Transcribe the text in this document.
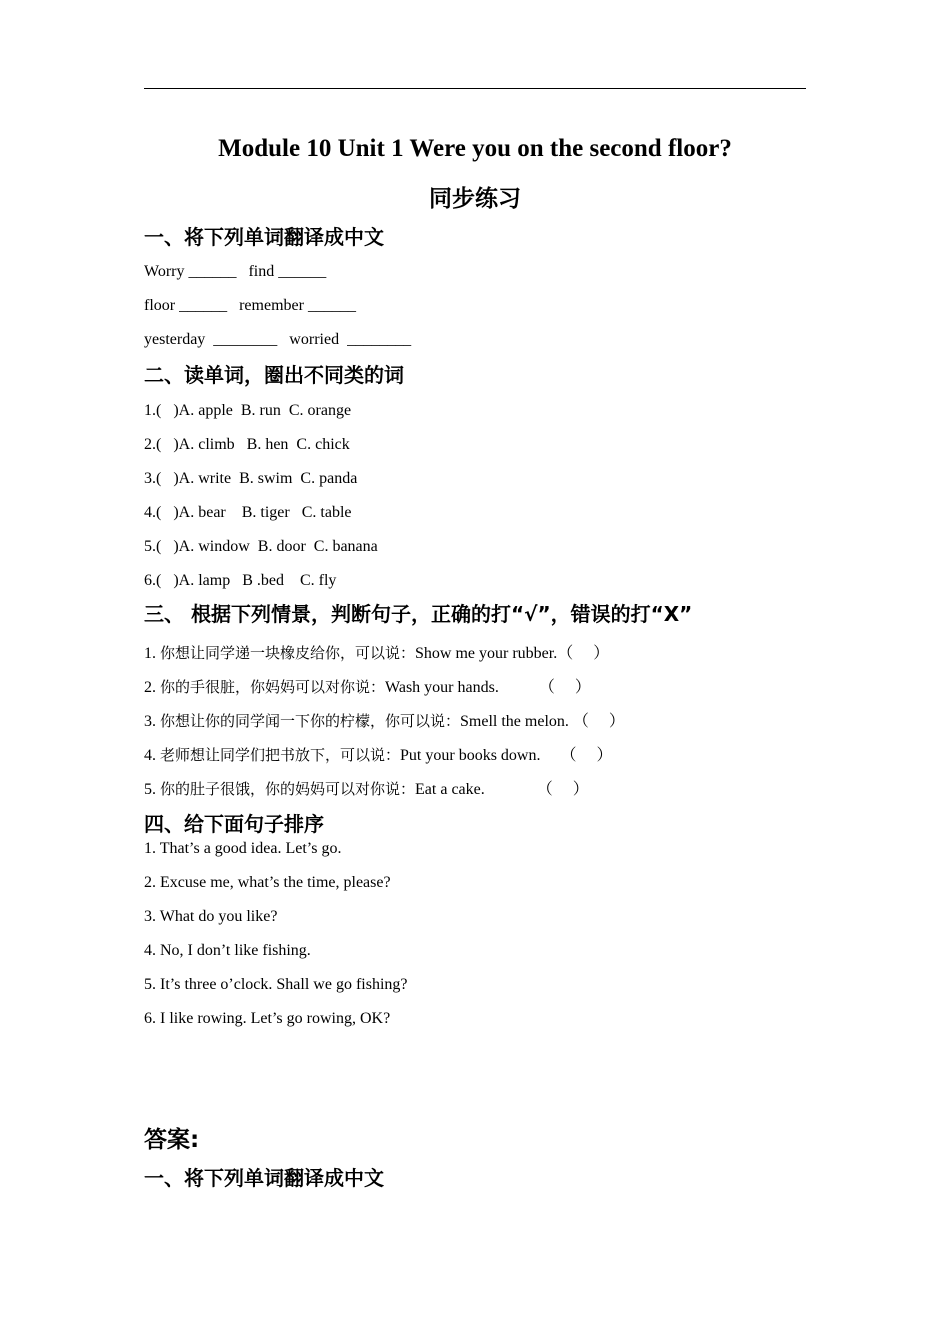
Module 10 Unit 1 Were you on the second floor?
同步练习
一、将下列单词翻译成中文
Worry ______   find ______
floor ______   remember ______
yesterday  ________   worried  ________
二、读单词，圈出不同类的词
1.(   )A. apple  B. run  C. orange
2.(   )A. climb   B. hen  C. chick
3.(   )A. write  B. swim  C. panda
4.(   )A. bear    B. tiger   C. table
5.(   )A. window  B. door  C. banana
6.(   )A. lamp   B .bed    C. fly
三、 根据下列情景，判断句子，正确的打“√”，错误的打“X”
1. 你想让同学递一块橡皮给你，可以说：Show me your rubber.（     ）
2. 你的手很脏，你妈妈可以对你说：Wash your hands.          （     ）
3. 你想让你的同学闻一下你的柠檬，你可以说：Smell the melon. （     ）
4. 老师想让同学们把书放下，可以说：Put your books down.     （     ）
5. 你的肚子很饿，你的妈妈可以对你说：Eat a cake.             （     ）
四、给下面句子排序
1. That’s a good idea. Let’s go.
2. Excuse me, what’s the time, please?
3. What do you like?
4. No, I don’t like fishing.
5. It’s three o’clock. Shall we go fishing?
6. I like rowing. Let’s go rowing, OK?
答案:
一、将下列单词翻译成中文
